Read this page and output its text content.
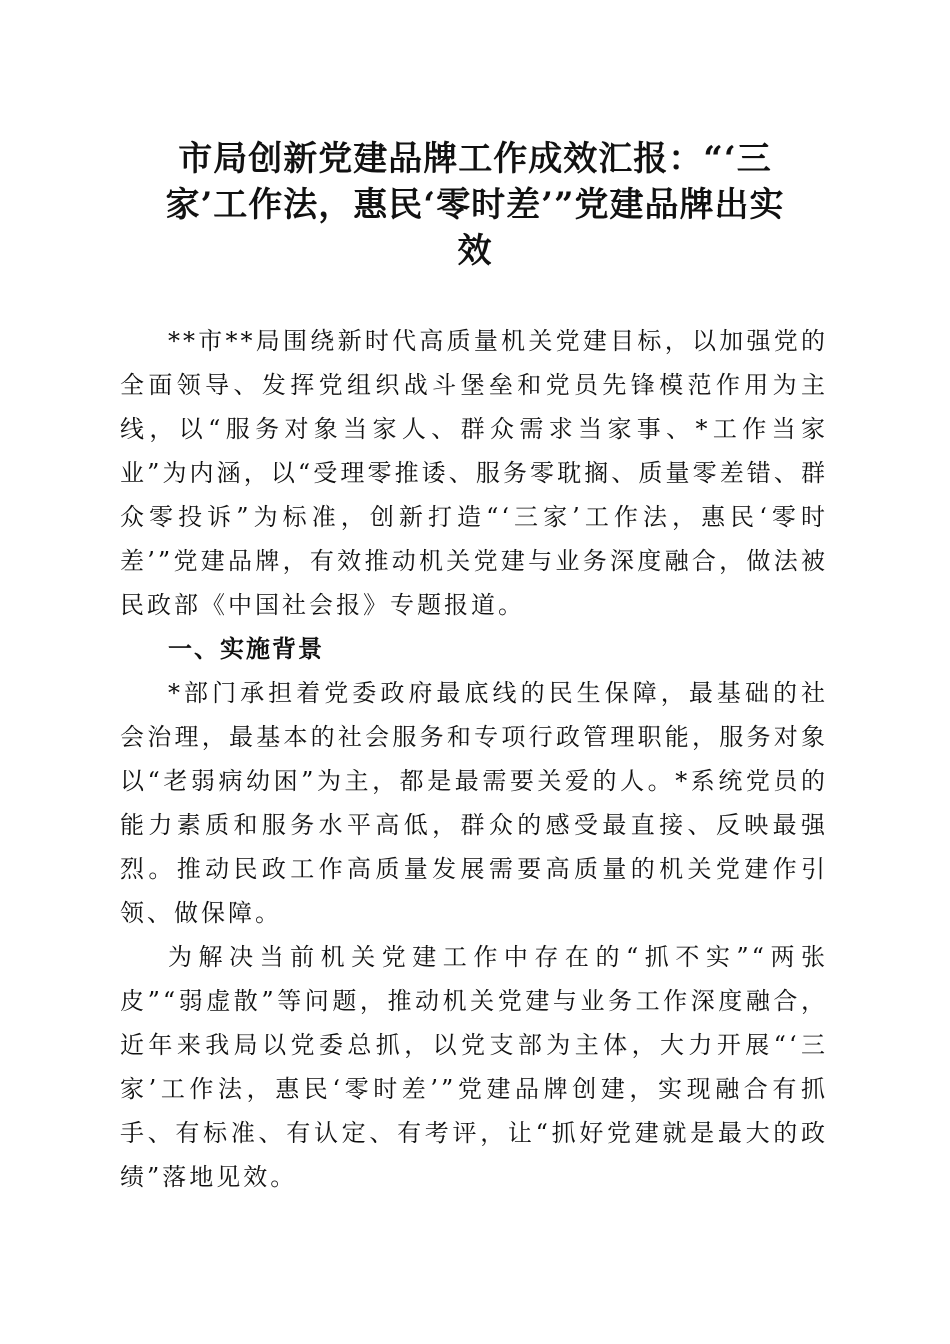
市局创新党建品牌工作成效汇报：“‘三
家’工作法，惠民‘零时差’”党建品牌出实
效

**市**局围绕新时代高质量机关党建目标，以加强党的全面领导、发挥党组织战斗堡垒和党员先锋模范作用为主线，以“服务对象当家人、群众需求当家事、*工作当家业”为内涵，以“受理零推诿、服务零耽搁、质量零差错、群众零投诉”为标准，创新打造“‘三家’工作法，惠民‘零时差’”党建品牌，有效推动机关党建与业务深度融合，做法被民政部《中国社会报》专题报道。

一、实施背景

*部门承担着党委政府最底线的民生保障，最基础的社会治理，最基本的社会服务和专项行政管理职能，服务对象以“老弱病幼困”为主，都是最需要关爱的人。*系统党员的能力素质和服务水平高低，群众的感受最直接、反映最强烈。推动民政工作高质量发展需要高质量的机关党建作引领、做保障。

为解决当前机关党建工作中存在的“抓不实”“两张皮”“弱虚散”等问题，推动机关党建与业务工作深度融合，近年来我局以党委总抓，以党支部为主体，大力开展“‘三家’工作法，惠民‘零时差’”党建品牌创建，实现融合有抓手、有标准、有认定、有考评，让“抓好党建就是最大的政绩”落地见效。
